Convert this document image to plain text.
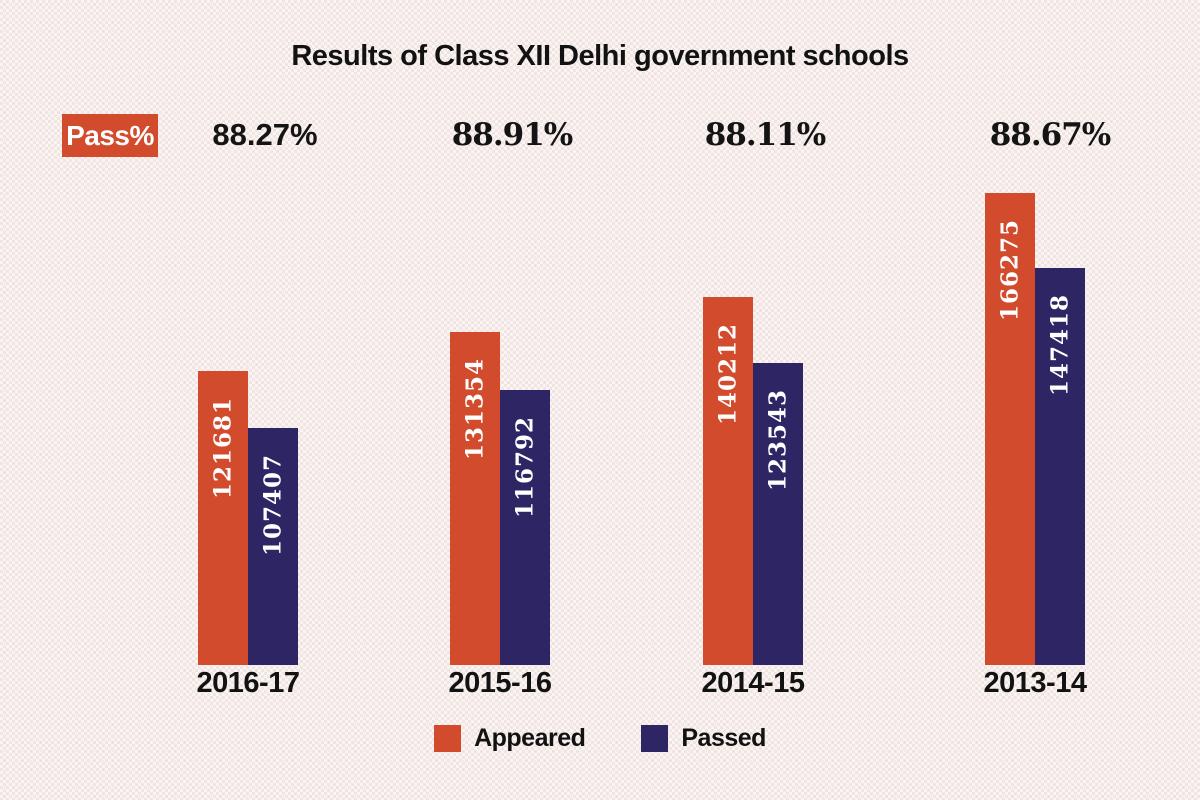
Results of Class XII Delhi government schools
Pass% 88.27%	88.91%	88.11%	88.67%
121681
107407
131354
116792
140212
123543
166275
147418
2016-17	2015-16	2014-15	2013-14
Appeared	Passed
